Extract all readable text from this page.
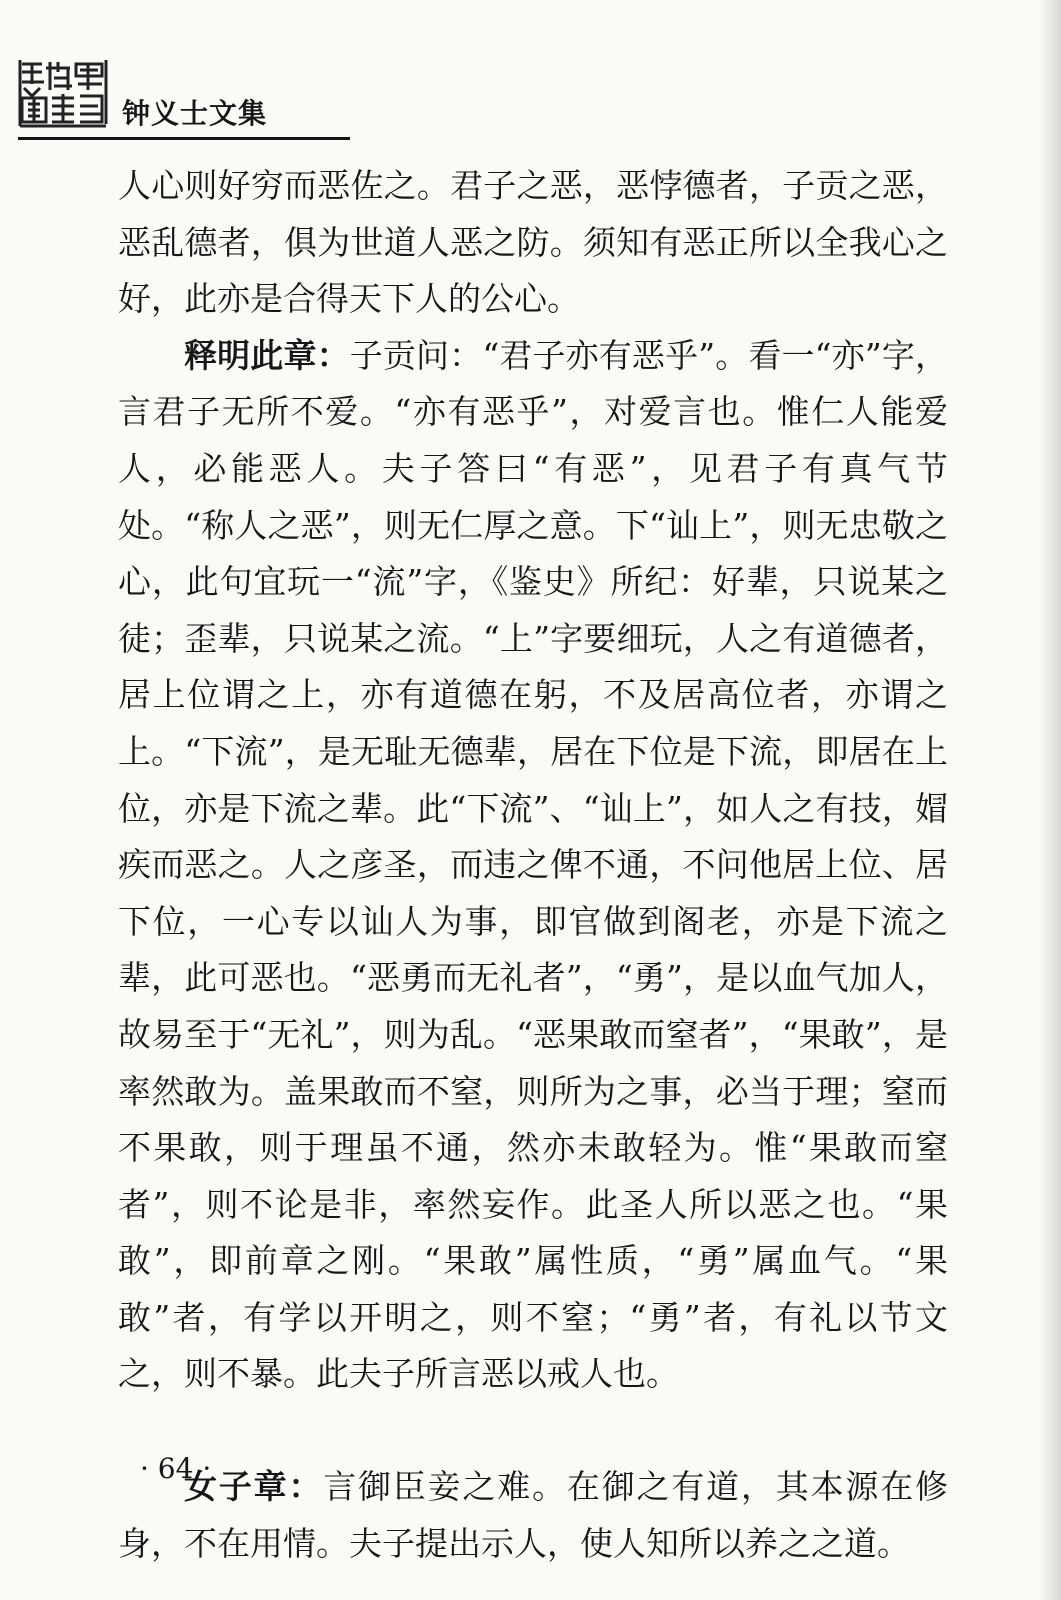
钟义士文集

人心则好穷而恶佐之。君子之恶，恶悖德者，子贡之恶，恶乱德者，俱为世道人恶之防。须知有恶正所以全我心之好，此亦是合得天下人的公心。

释明此章：子贡问：“君子亦有恶乎”。看一“亦”字，言君子无所不爱。“亦有恶乎”，对爱言也。惟仁人能爱人，必能恶人。夫子答曰“有恶”，见君子有真气节处。“称人之恶”，则无仁厚之意。下“讪上”，则无忠敬之心，此句宜玩一“流”字，《鉴史》所纪：好辈，只说某之徒；歪辈，只说某之流。“上”字要细玩，人之有道德者，居上位谓之上，亦有道德在躬，不及居高位者，亦谓之上。“下流”，是无耻无德辈，居在下位是下流，即居在上位，亦是下流之辈。此“下流”、“讪上”，如人之有技，媢疾而恶之。人之彦圣，而违之俾不通，不问他居上位、居下位，一心专以讪人为事，即官做到阁老，亦是下流之辈，此可恶也。“恶勇而无礼者”，“勇”，是以血气加人，故易至于“无礼”，则为乱。“恶果敢而窒者”，“果敢”，是率然敢为。盖果敢而不窒，则所为之事，必当于理；窒而不果敢，则于理虽不通，然亦未敢轻为。惟“果敢而窒者”，则不论是非，率然妄作。此圣人所以恶之也。“果敢”，即前章之刚。“果敢”属性质，“勇”属血气。“果敢”者，有学以开明之，则不窒；“勇”者，有礼以节文之，则不暴。此夫子所言恶以戒人也。

女子章：言御臣妾之难。在御之有道，其本源在修身，不在用情。夫子提出示人，使人知所以养之之道。

· 64 ·
